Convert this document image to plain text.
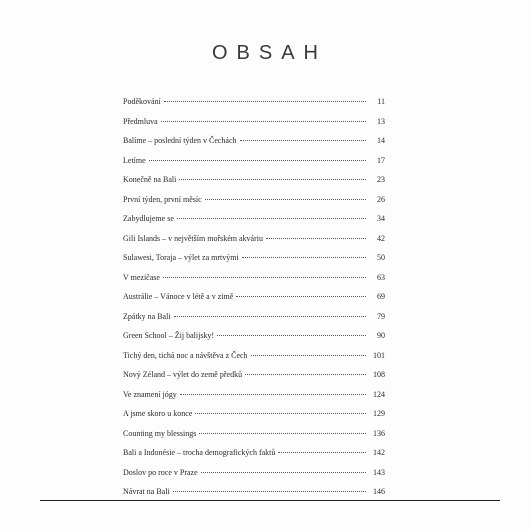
OBSAH
Poděkování	11
Předmluva	13
Balíme – poslední týden v Čechách	14
Letíme	17
Konečně na Bali	23
První týden, první měsíc	26
Zabydlujeme se	34
Gili Islands – v největším mořském akváriu	42
Sulawesi, Toraja – výlet za mrtvými	50
V mezičase	63
Austrálie – Vánoce v létě a v zimě	69
Zpátky na Bali	79
Green School – Žij balijsky!	90
Tichý den, tichá noc a návštěva z Čech	101
Nový Zéland – výlet do země předků	108
Ve znamení jógy	124
A jsme skoro u konce	129
Counting my blessings	136
Bali a Indonésie – trocha demografických faktů	142
Doslov po roce v Praze	143
Návrat na Bali	146
